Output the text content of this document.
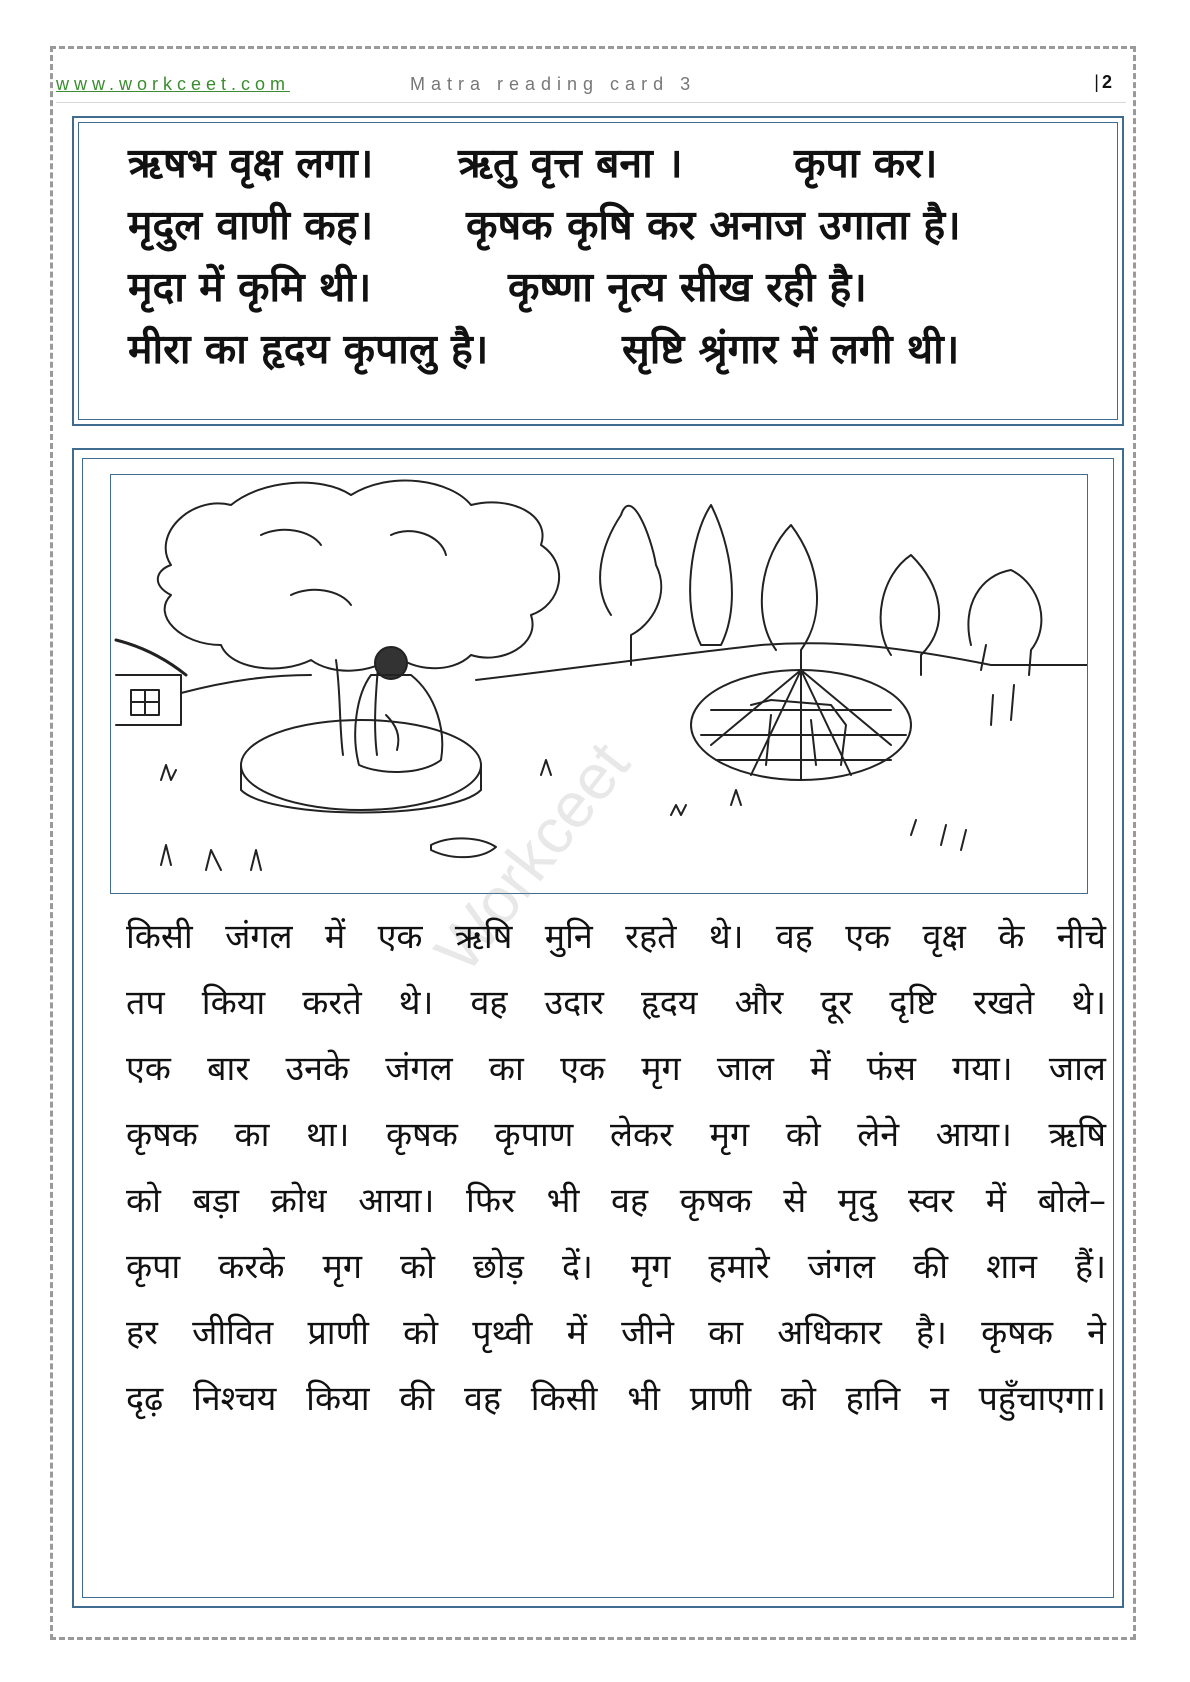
www.workceet.com	Matra reading card 3	| 2
ऋषभ वृक्ष लगा। ऋतु वृत्त बना ।	कृपा कर।
मृदुल वाणी कह। कृषक कृषि कर अनाज उगाता है।
मृदा में कृमि थी।	कृष्णा नृत्य सीख रही है।
मीरा का हृदय कृपालु है।	सृष्टि श्रृंगार में लगी थी।
Workceet
किसी जंगल में एक ऋषि मुनि रहते थे। वह एक वृक्ष के नीचे
तप किया करते थे। वह उदार हृदय और दूर दृष्टि रखते थे।
एक बार उनके जंगल का एक मृग जाल में फंस गया। जाल
कृषक का था। कृषक कृपाण लेकर मृग को लेने आया। ऋषि
को बड़ा क्रोध आया। फिर भी वह कृषक से मृदु स्वर में बोले–
कृपा करके मृग को छोड़ दें। मृग हमारे जंगल की शान हैं।
हर जीवित प्राणी को पृथ्वी में जीने का अधिकार है। कृषक ने
दृढ़ निश्चय किया की वह किसी भी प्राणी को हानि न पहुँचाएगा।
